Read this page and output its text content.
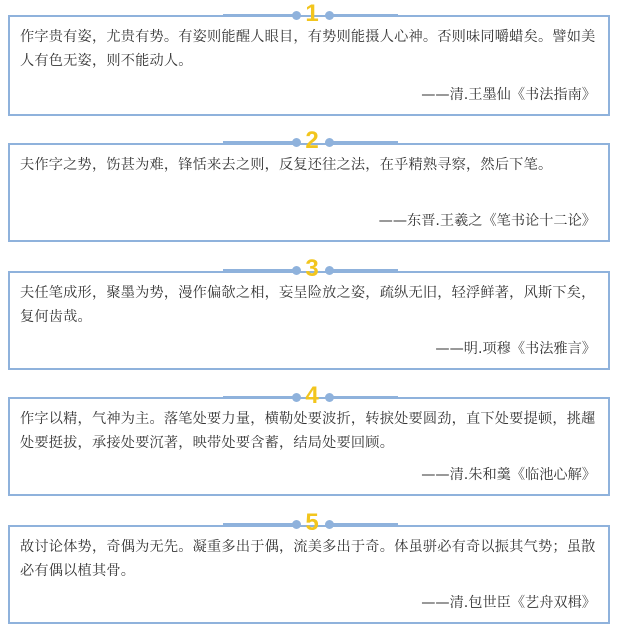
作字贵有姿，尤贵有势。有姿则能醒人眼目，有势则能摄人心神。否则味同嚼蜡矣。譬如美人有色无姿，则不能动人。
——清.王墨仙《书法指南》
1
夫作字之势，饬甚为难，锋恬来去之则，反复还往之法，在乎精熟寻察，然后下笔。
——东晋.王羲之《笔书论十二论》
2
夫任笔成形，聚墨为势，漫作偏欹之相，妄呈险放之姿，疏纵无旧，轻浮鲜著，风斯下矣，复何齿哉。
——明.项穆《书法雅言》
3
作字以精，气神为主。落笔处要力量，横勒处要波折，转捩处要圆劲，直下处要提顿，挑趯处要挺拔，承接处要沉著，映带处要含蓄，结局处要回顾。
——清.朱和羹《临池心解》
4
故讨论体势，奇偶为无先。凝重多出于偶，流美多出于奇。体虽骈必有奇以振其气势；虽散必有偶以植其骨。
——清.包世臣《艺舟双楫》
5
